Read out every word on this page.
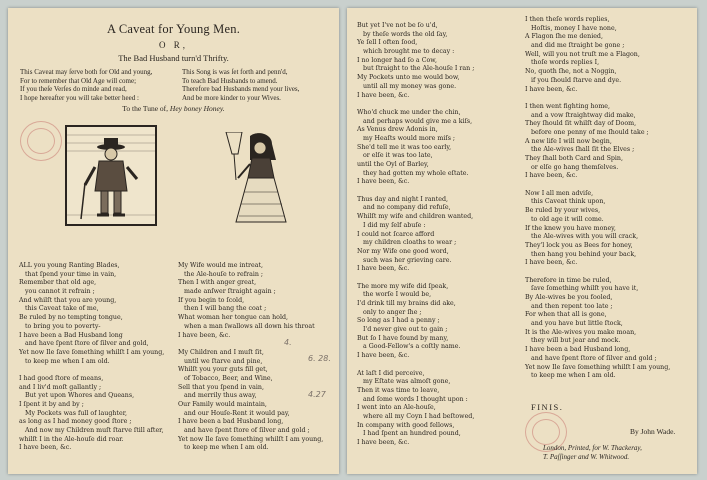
A Caveat for Young Men.
O R,
The Bad Husband turn'd Thrifty.
This Caveat may ſerve both for Old and young,
For to remember that Old Age will come;
If you theſe Verſes do minde and read,
I hope hereafter you will take better heed :
This Song is was ſet forth and penn'd,
To teach Bad Husbands to amend.
Therefore bad Husbands mend your lives,
And be more kinder to your Wives.
To the Tune of, Hey boney Honey.
ALL you young Ranting Blades,
that ſpend your time in vain,
Remember that old age,
you cannot it refrain ;
And whilſt that you are young,
this Caveat take of me,
Be ruled by no tempting tongue,
to bring you to poverty-
I have been a Bad Husband long
and have ſpent ſtore of ſilver and gold,
Yet now Ile ſave ſomething whilſt I am young,
to keep me when I am old.
I had good ſtore of means,
and I liv'd moſt gallantly ;
But yet upon Whores and Queans,
I ſpent it by and by ;
My Pockets was full of laughter,
as long as I had money good ſtore ;
And now my Children muſt ſtarve ſtill after,
whilſt I in the Ale-houſe did roar.
I have been, &c.
My Wife would me intreat,
the Ale-houſe to refrain ;
Then I with anger great,
made anſwer ſtraight again ;
If you begin to ſcold,
then I will bang the coat ;
What woman her tongue can hold,
when a man ſwallows all down his throat
I have been, &c.
My Children and I muſt ſit,
until we ſtarve and pine,
Whilſt you your guts fill get,
of Tobacco, Beer, and Wine,
Sell that you ſpend in vain,
and merrily thus away,
Our Family would maintain,
and our Houſe-Rent it would pay,
I have been a bad Husband long,
and have ſpent ſtore of ſilver and gold ;
Yet now Ile ſave ſomething whilſt I am young,
to keep me when I am old.
4.
6. 28.
4.27
But yet I've not be ſo u'd,
by theſe words the old ſay,
Ye ſell I often ſood,
which brought me to decay :
I no longer had ſo a Cow,
but ſtraight to the Ale-houſe I ran ;
My Pockets unto me would bow,
until all my money was gone.
I have been, &c.
Who'd chuck me under the chin,
and perhaps would give me a kiſs,
As Venus drew Adonis in,
my Heaſts would more miſs ;
She'd tell me it was too early,
or elſe it was too late,
until the Oyl of Barley,
they had gotten my whole eſtate.
I have been, &c.
Thus day and night I ranted,
and no company did refuſe,
Whilſt my wife and children wanted,
I did my ſelf abuſe :
I could not ſcarce afford
my children cloaths to wear ;
Nor my Wife one good word,
such was her grieving care.
I have been, &c.
The more my wife did ſpeak,
the worſe I would be,
I'd drink till my brains did ake,
only to anger ſhe ;
So long as I had a penny ;
I'd never give out to gain ;
But ſo I have found by many,
a Good-Fellow's a coſtly name.
I have been, &c.
At laſt I did perceive,
my Eſtate was almoſt gone,
Then it was time to leave,
and ſome words I thought upon :
I went into an Ale-houſe,
where all my Coyn I had beſtowed,
In company with good fellows,
I had ſpent an hundred pound,
I have been, &c.
I then theſe words replies,
Hoſtis, money I have none,
A Flagon ſhe me denied,
and did me ſtraight be gone ;
Well, will you not truſt me a Flagon,
thoſe words replies I,
No, quoth ſhe, not a Noggin,
if you ſhould ſtarve and dye.
I have been, &c.
I then went fighting home,
and a vow ſtraightway did make,
They ſhould ſit whilſt day of Doom,
before one penny of me ſhould take ;
A new life I will now begin,
the Ale-wives ſhall ſit the Elves ;
They ſhall both Card and Spin,
or elſe go hang themſelves.
I have been, &c.
Now I all men adviſe,
this Caveat think upon,
Be ruled by your wives,
to old age it will come.
If the knew you have money,
the Ale-wives with you will crack,
They'l lock you as Bees for honey,
then hang you behind your back,
I have been, &c.
Therefore in time be ruled,
ſave ſomething whilſt you have it,
By Ale-wives be you fooled,
and then repent too late ;
For when that all is gone,
and you have but little ſtock,
It is the Ale-wives you make moan,
they will but jear and mock.
I have been a bad Husband long,
and have ſpent ſtore of ſilver and gold ;
Yet now Ile ſave ſomething whilſt I am young,
to keep me when I am old.
FINIS.
By John Wade.
London, Printed, for W. Thackeray,
T. Paſſinger and W. Whitwood.
